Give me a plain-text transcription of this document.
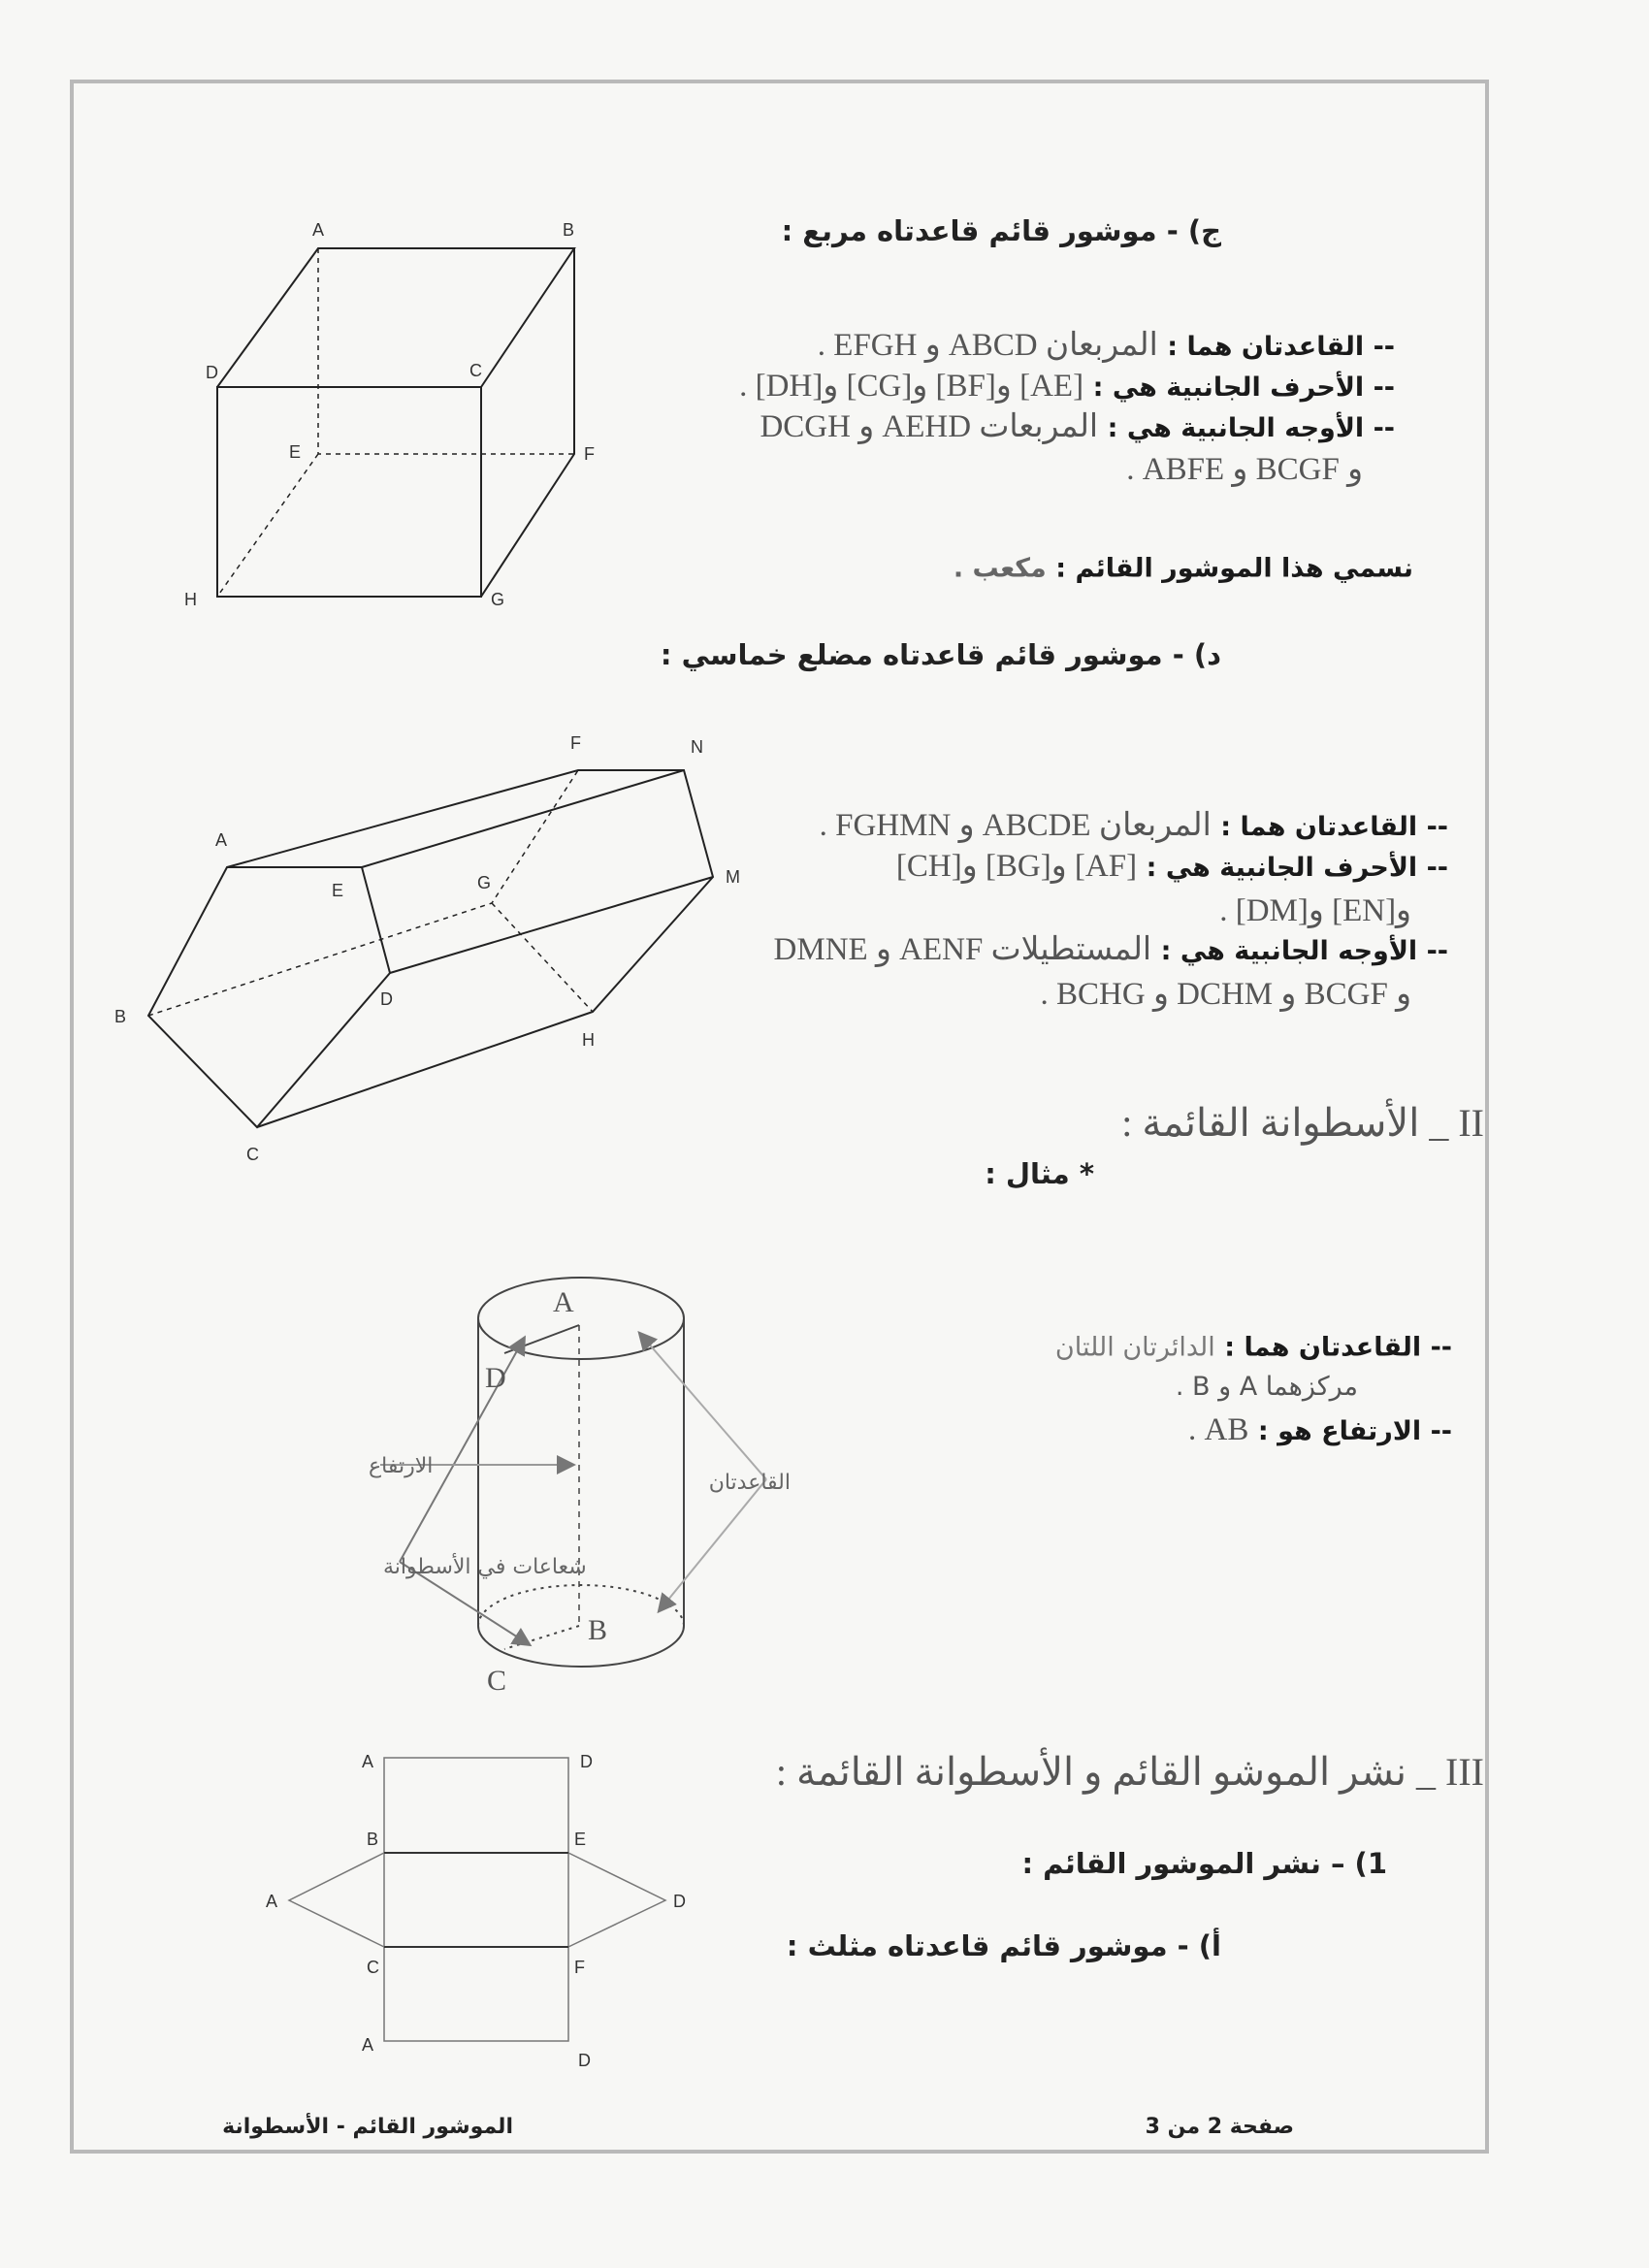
A	B
C
D
E	F
G
H
A
B
C
D
E
F
G
H
M
N
A
B
C
D
الارتفاع
شعاعات في الأسطوانة
القاعدتان
A	D
B	E
A	D
C	F
A
D
ج) - موشور قائم قاعدتاه مربع :
-- القاعدتان هما : المربعان ABCD و EFGH .
-- الأحرف الجانبية هي : [AE] و[BF] و[CG] و[DH] .
-- الأوجه الجانبية هي : المربعات AEHD و DCGH
و BCGF و ABFE .
نسمي هذا الموشور القائم : مكعب .
د) - موشور قائم قاعدتاه مضلع خماسي :
-- القاعدتان هما : المربعان ABCDE و FGHMN .
-- الأحرف الجانبية هي : [AF] و[BG] و[CH]
و[EN] و[DM] .
-- الأوجه الجانبية هي : المستطيلات AENF و DMNE
و BCGF و DCHM و BCHG .
II _ الأسطوانة القائمة :
* مثال :
-- القاعدتان هما : الدائرتان اللتان
مركزهما A و B .
-- الارتفاع هو : AB .
III _ نشر الموشو القائم و الأسطوانة القائمة :
1) – نشر الموشور القائم :
أ) - موشور قائم قاعدتاه مثلث :
صفحة 2 من 3
الموشور القائم - الأسطوانة
